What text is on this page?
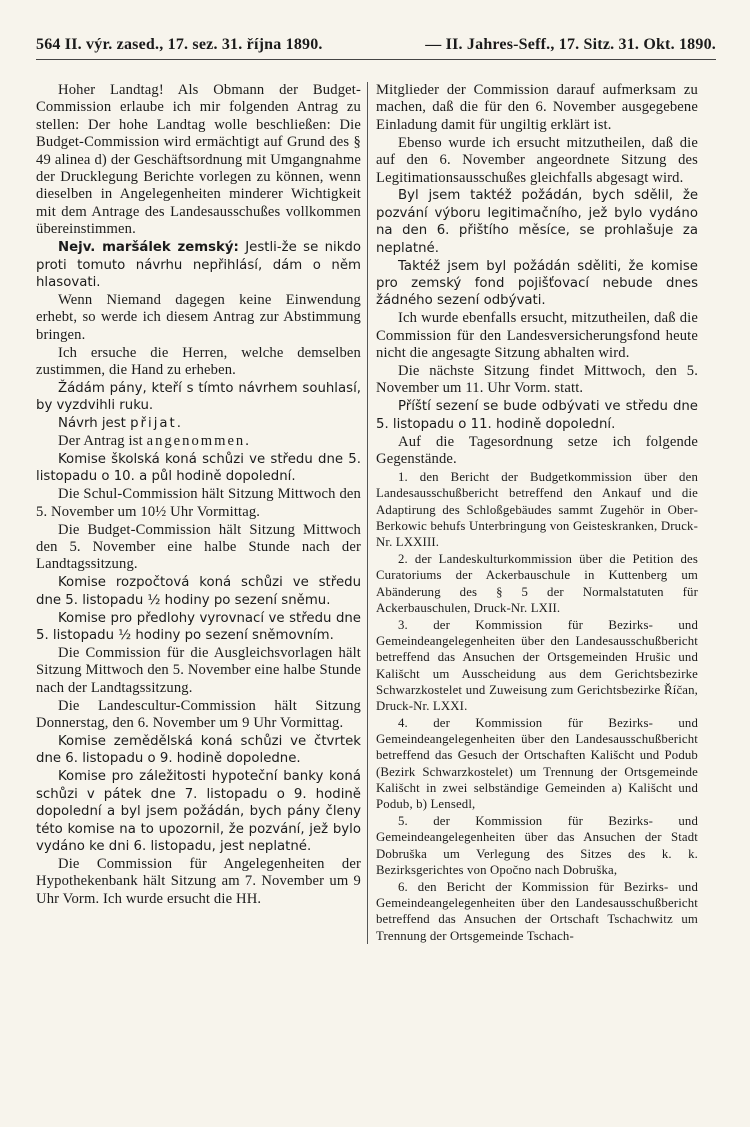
564 II. výr. zased., 17. sez. 31. října 1890.	— II. Jahres-Seff., 17. Sitz. 31. Okt. 1890.

Hoher Landtag! Als Obmann der Budget-Commission erlaube ich mir folgenden Antrag zu stellen: Der hohe Landtag wolle beschließen: Die Budget-Commission wird ermächtigt auf Grund des § 49 alinea d) der Geschäftsordnung mit Umgangnahme der Drucklegung Berichte vorlegen zu können, wenn dieselben in Angelegenheiten minderer Wichtigkeit mit dem Antrage des Landesausschußes vollkommen übereinstimmen.

Nejv. maršálek zemský: Jestli-že se nikdo proti tomuto návrhu nepřihlásí, dám o něm hlasovati.

Wenn Niemand dagegen keine Einwendung erhebt, so werde ich diesem Antrag zur Abstimmung bringen.

Ich ersuche die Herren, welche demselben zustimmen, die Hand zu erheben.

Žádám pány, kteří s tímto návrhem souhlasí, by vyzdvihli ruku.

Návrh jest přijat.

Der Antrag ist angenommen.

Komise školská koná schůzi ve středu dne 5. listopadu o 10. a půl hodině dopolední.

Die Schul-Commission hält Sitzung Mittwoch den 5. November um 10½ Uhr Vormittag.

Die Budget-Commission hält Sitzung Mittwoch den 5. November eine halbe Stunde nach der Landtagssitzung.

Komise rozpočtová koná schůzi ve středu dne 5. listopadu ½ hodiny po sezení sněmu.

Komise pro předlohy vyrovnací ve středu dne 5. listopadu ½ hodiny po sezení sněmovním.

Die Commission für die Ausgleichsvorlagen hält Sitzung Mittwoch den 5. November eine halbe Stunde nach der Landtagssitzung.

Die Landescultur-Commission hält Sitzung Donnerstag, den 6. November um 9 Uhr Vormittag.

Komise zemědělská koná schůzi ve čtvrtek dne 6. listopadu o 9. hodině dopoledne.

Komise pro záležitosti hypoteční banky koná schůzi v pátek dne 7. listopadu o 9. hodině dopolední a byl jsem požádán, bych pány členy této komise na to upozornil, že pozvání, jež bylo vydáno ke dni 6. listopadu, jest neplatné.

Die Commission für Angelegenheiten der Hypothekenbank hält Sitzung am 7. November um 9 Uhr Vorm. Ich wurde ersucht die HH.

Mitglieder der Commission darauf aufmerksam zu machen, daß die für den 6. November ausgegebene Einladung damit für ungiltig erklärt ist.

Ebenso wurde ich ersucht mitzutheilen, daß die auf den 6. November angeordnete Sitzung des Legitimationsausschußes gleichfalls abgesagt wird.

Byl jsem taktéž požádán, bych sdělil, že pozvání výboru legitimačního, jež bylo vydáno na den 6. přištího měsíce, se prohlašuje za neplatné.

Taktéž jsem byl požádán sděliti, že komise pro zemský fond pojišťovací nebude dnes žádného sezení odbývati.

Ich wurde ebenfalls ersucht, mitzutheilen, daß die Commission für den Landesversicherungsfond heute nicht die angesagte Sitzung abhalten wird.

Die nächste Sitzung findet Mittwoch, den 5. November um 11. Uhr Vorm. statt.

Příští sezení se bude odbývati ve středu dne 5. listopadu o 11. hodině dopolední.

Auf die Tagesordnung setze ich folgende Gegenstände.

1. den Bericht der Budgetkommission über den Landesausschußbericht betreffend den Ankauf und die Adaptirung des Schloßgebäudes sammt Zugehör in Ober-Berkowic behufs Unterbringung von Geisteskranken, Druck-Nr. LXXIII.

2. der Landeskulturkommission über die Petition des Curatoriums der Ackerbauschule in Kuttenberg um Abänderung des § 5 der Normalstatuten für Ackerbauschulen, Druck-Nr. LXII.

3. der Kommission für Bezirks- und Gemeindeangelegenheiten über den Landesausschußbericht betreffend das Ansuchen der Ortsgemeinden Hrušic und Kališcht um Ausscheidung aus dem Gerichtsbezirke Schwarzkostelet und Zuweisung zum Gerichtsbezirke Říčan, Druck-Nr. LXXI.

4. der Kommission für Bezirks- und Gemeindeangelegenheiten über den Landesausschußbericht betreffend das Gesuch der Ortschaften Kališcht und Podub (Bezirk Schwarzkostelet) um Trennung der Ortsgemeinde Kališcht in zwei selbständige Gemeinden a) Kališcht und Podub, b) Lensedl,

5. der Kommission für Bezirks- und Gemeindeangelegenheiten über das Ansuchen der Stadt Dobruška um Verlegung des Sitzes des k. k. Bezirksgerichtes von Opočno nach Dobruška,

6. den Bericht der Kommission für Bezirks- und Gemeindeangelegenheiten über den Landesausschußbericht betreffend das Ansuchen der Ortschaft Tschachwitz um Trennung der Ortsgemeinde Tschach-
